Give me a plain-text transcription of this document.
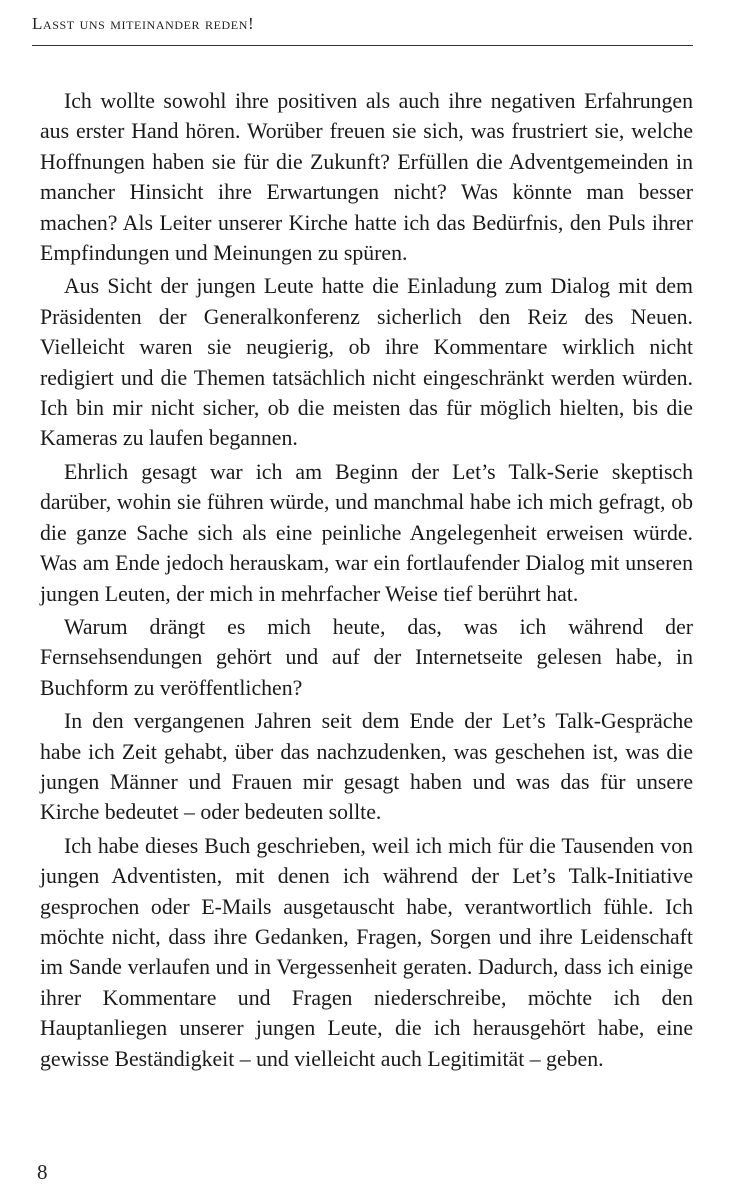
Lasst uns miteinander reden!

Ich wollte sowohl ihre positiven als auch ihre negativen Erfahrungen aus erster Hand hören. Worüber freuen sie sich, was frustriert sie, welche Hoffnungen haben sie für die Zukunft? Erfüllen die Adventgemeinden in mancher Hinsicht ihre Erwartungen nicht? Was könnte man besser machen? Als Leiter unserer Kirche hatte ich das Bedürfnis, den Puls ihrer Empfindungen und Meinungen zu spüren.

Aus Sicht der jungen Leute hatte die Einladung zum Dialog mit dem Präsidenten der Generalkonferenz sicherlich den Reiz des Neuen. Vielleicht waren sie neugierig, ob ihre Kommentare wirklich nicht redigiert und die Themen tatsächlich nicht eingeschränkt werden würden. Ich bin mir nicht sicher, ob die meisten das für möglich hielten, bis die Kameras zu laufen begannen.

Ehrlich gesagt war ich am Beginn der Let’s Talk-Serie skeptisch darüber, wohin sie führen würde, und manchmal habe ich mich gefragt, ob die ganze Sache sich als eine peinliche Angelegenheit erweisen würde. Was am Ende jedoch herauskam, war ein fortlaufender Dialog mit unseren jungen Leuten, der mich in mehrfacher Weise tief berührt hat.

Warum drängt es mich heute, das, was ich während der Fernsehsendungen gehört und auf der Internetseite gelesen habe, in Buchform zu veröffentlichen?

In den vergangenen Jahren seit dem Ende der Let’s Talk-Gespräche habe ich Zeit gehabt, über das nachzudenken, was geschehen ist, was die jungen Männer und Frauen mir gesagt haben und was das für unsere Kirche bedeutet – oder bedeuten sollte.

Ich habe dieses Buch geschrieben, weil ich mich für die Tausenden von jungen Adventisten, mit denen ich während der Let’s Talk-Initiative gesprochen oder E-Mails ausgetauscht habe, verantwortlich fühle. Ich möchte nicht, dass ihre Gedanken, Fragen, Sorgen und ihre Leidenschaft im Sande verlaufen und in Vergessenheit geraten. Dadurch, dass ich einige ihrer Kommentare und Fragen niederschreibe, möchte ich den Hauptanliegen unserer jungen Leute, die ich herausgehört habe, eine gewisse Beständigkeit – und vielleicht auch Legitimität – geben.

8
